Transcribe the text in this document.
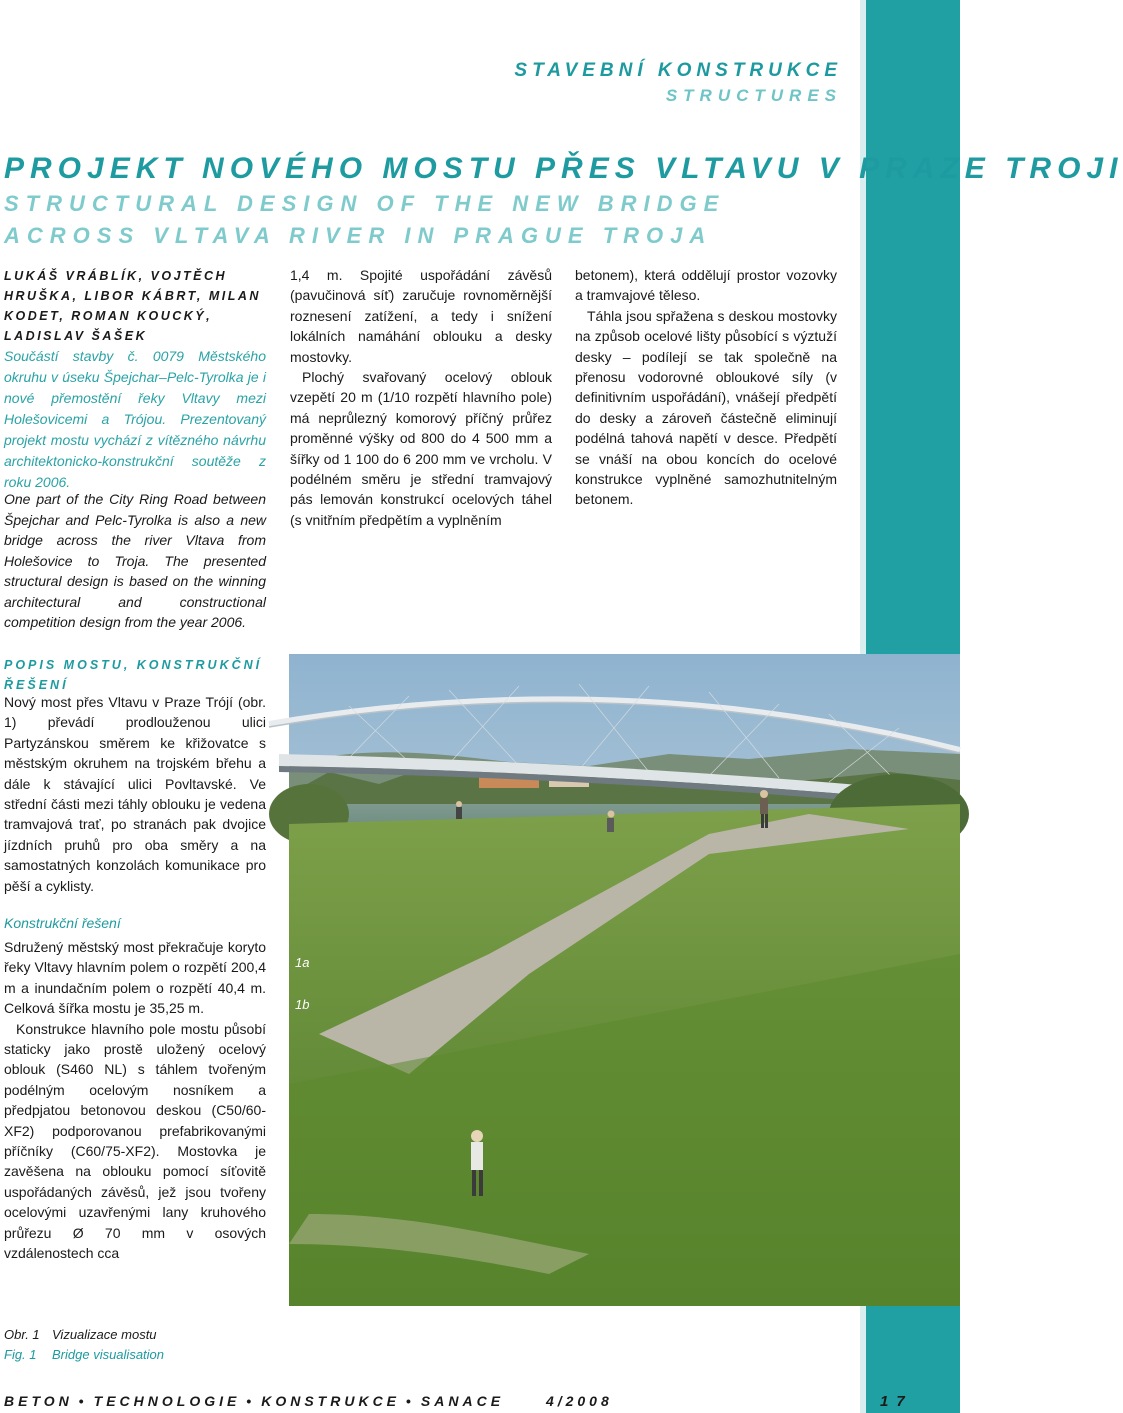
STAVEBNÍ KONSTRUKCE
STRUCTURES
PROJEKT NOVÉHO MOSTU PŘES VLTAVU V PRAZE TROJI
STRUCTURAL DESIGN OF THE NEW BRIDGE ACROSS VLTAVA RIVER IN PRAGUE TROJA
LUKÁŠ VRÁBLÍK, VOJTĚCH HRUŠKA, LIBOR KÁBRT, MILAN KODET, ROMAN KOUCKÝ, LADISLAV ŠAŠEK
Součástí stavby č. 0079 Městského okruhu v úseku Špejchar–Pelc-Tyrolka je i nové přemostění řeky Vltavy mezi Holešovicemi a Trójou. Prezentovaný projekt mostu vychází z vítězného návrhu architektonicko-konstrukční soutěže z roku 2006.
One part of the City Ring Road between Špejchar and Pelc-Tyrolka is also a new bridge across the river Vltava from Holešovice to Troja. The presented structural design is based on the winning architectural and constructional competition design from the year 2006.

1,4 m. Spojité uspořádání závěsů (pavučinová síť) zaručuje rovnoměrnější roznesení zatížení, a tedy i snížení lokálních namáhání oblouku a desky mostovky.

Plochý svařovaný ocelový oblouk vzepětí 20 m (1/10 rozpětí hlavního pole) má neprůlezný komorový příčný průřez proměnné výšky od 800 do 4 500 mm a šířky od 1 100 do 6 200 mm ve vrcholu. V podélném směru je střední tramvajový pás lemován konstrukcí ocelových táhel (s vnitřním předpětím a vyplněním

betonem), která oddělují prostor vozovky a tramvajové těleso.

Táhla jsou spřažena s deskou mostovky na způsob ocelové lišty působící s výztuží desky – podílejí se tak společně na přenosu vodorovné obloukové síly (v definitivním uspořádání), vnášejí předpětí do desky a zároveň částečně eliminují podélná tahová napětí v desce. Předpětí se vnáší na obou koncích do ocelové konstrukce vyplněné samozhutnitelným betonem.

POPIS MOSTU, KONSTRUKČNÍ ŘEŠENÍ

Nový most přes Vltavu v Praze Trójí (obr. 1) převádí prodlouženou ulici Partyzánskou směrem ke křižovatce s městským okruhem na trojském břehu a dále k stávající ulici Povltavské. Ve střední části mezi táhly oblouku je vedena tramvajová trať, po stranách pak dvojice jízdních pruhů pro oba směry a na samostatných konzolách komunikace pro pěší a cyklisty.

Konstrukční řešení

Sdružený městský most překračuje koryto řeky Vltavy hlavním polem o rozpětí 200,4 m a inundačním polem o rozpětí 40,4 m. Celková šířka mostu je 35,25 m.

Konstrukce hlavního pole mostu působí staticky jako prostě uložený ocelový oblouk (S460 NL) s táhlem tvořeným podélným ocelovým nosníkem a předpjatou betonovou deskou (C50/60-XF2) podporovanou prefabrikovanými příčníky (C60/75-XF2). Mostovka je zavěšena na oblouku pomocí síťovitě uspořádaných závěsů, jež jsou tvořeny ocelovými uzavřenými lany kruhového průřezu Ø 70 mm v osových vzdálenostech cca

1a
1b
Obr. 1 Vizualizace mostu
Fig. 1 Bridge visualisation
BETON • TECHNOLOGIE • KONSTRUKCE • SANACE	4/2008	17
